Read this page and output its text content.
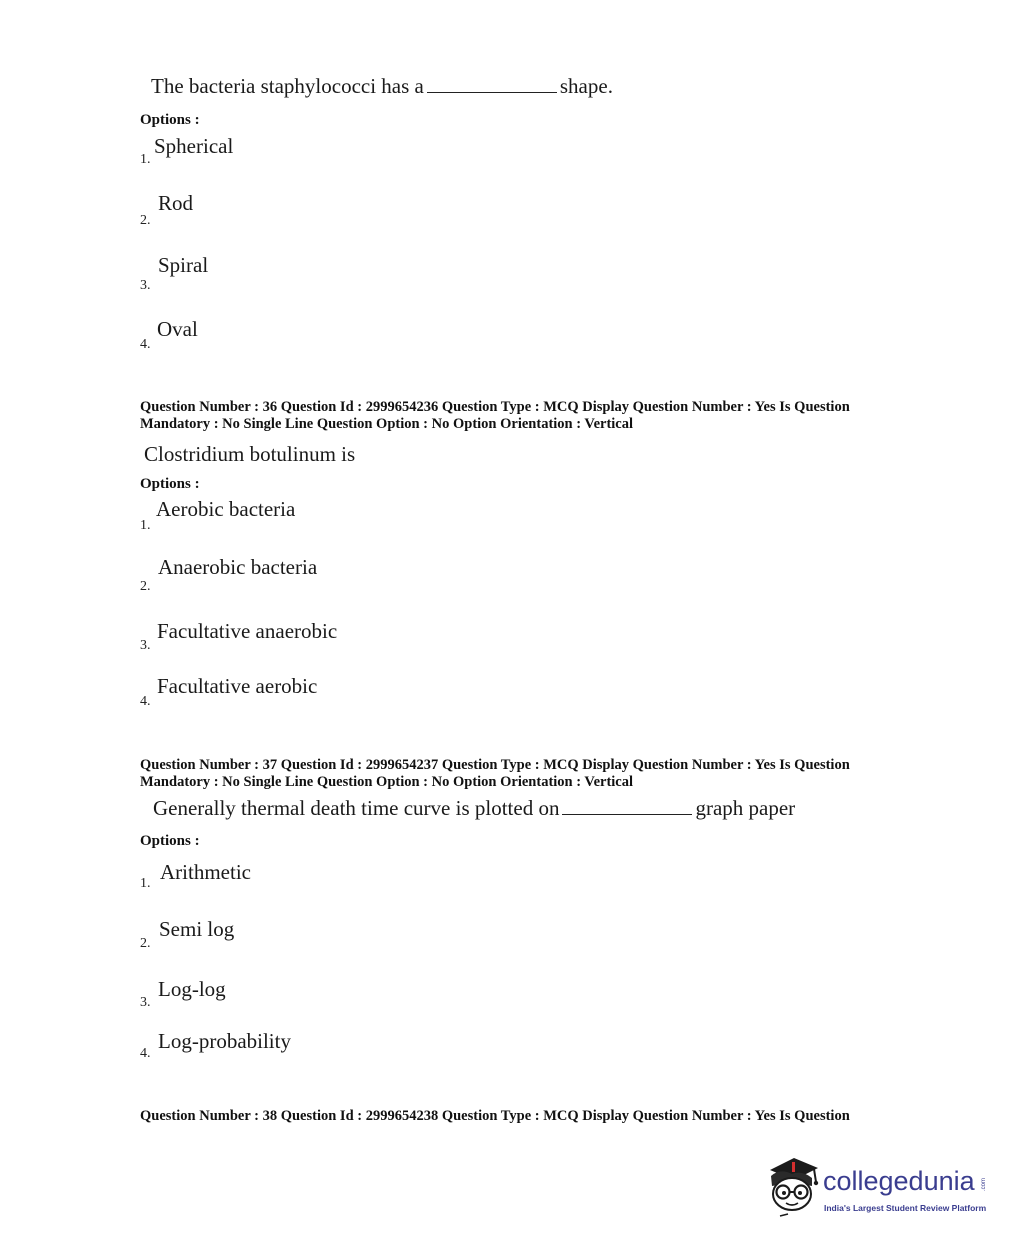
The bacteria staphylococci has a	shape.
Options :
1.
Spherical
2.
Rod
3.
Spiral
4.
Oval
Question Number : 36 Question Id : 2999654236 Question Type : MCQ Display Question Number : Yes Is Question Mandatory : No Single Line Question Option : No Option Orientation : Vertical
Clostridium botulinum is
Options :
1.
Aerobic bacteria
2.
Anaerobic bacteria
3.
Facultative anaerobic
4.
Facultative aerobic
Question Number : 37 Question Id : 2999654237 Question Type : MCQ Display Question Number : Yes Is Question Mandatory : No Single Line Question Option : No Option Orientation : Vertical
Generally thermal death time curve is plotted on	graph paper
Options :
1. Arithmetic
2.
Semi log
3.
Log-log
4.
Log-probability
Question Number : 38 Question Id : 2999654238 Question Type : MCQ Display Question Number : Yes Is Question
collegedunia .com
India's Largest Student Review Platform
